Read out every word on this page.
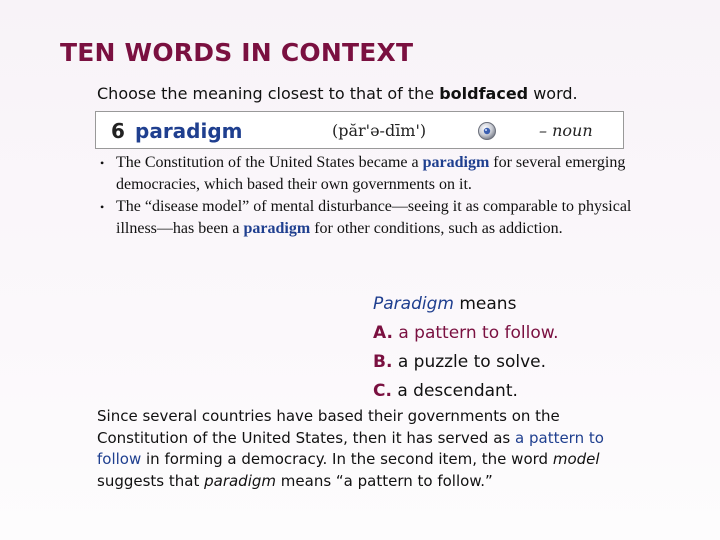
TEN WORDS IN CONTEXT
Choose the meaning closest to that of the boldfaced word.
6 paradigm	(păr'ə-dīm')	– noun
• The Constitution of the United States became a paradigm for several emerging democracies, which based their own governments on it.
• The “disease model” of mental disturbance—seeing it as comparable to physical illness—has been a paradigm for other conditions, such as addiction.
Paradigm means
A. a pattern to follow.
B. a puzzle to solve.
C. a descendant.
Since several countries have based their governments on the Constitution of the United States, then it has served as a pattern to follow in forming a democracy. In the second item, the word model suggests that paradigm means “a pattern to follow.”
